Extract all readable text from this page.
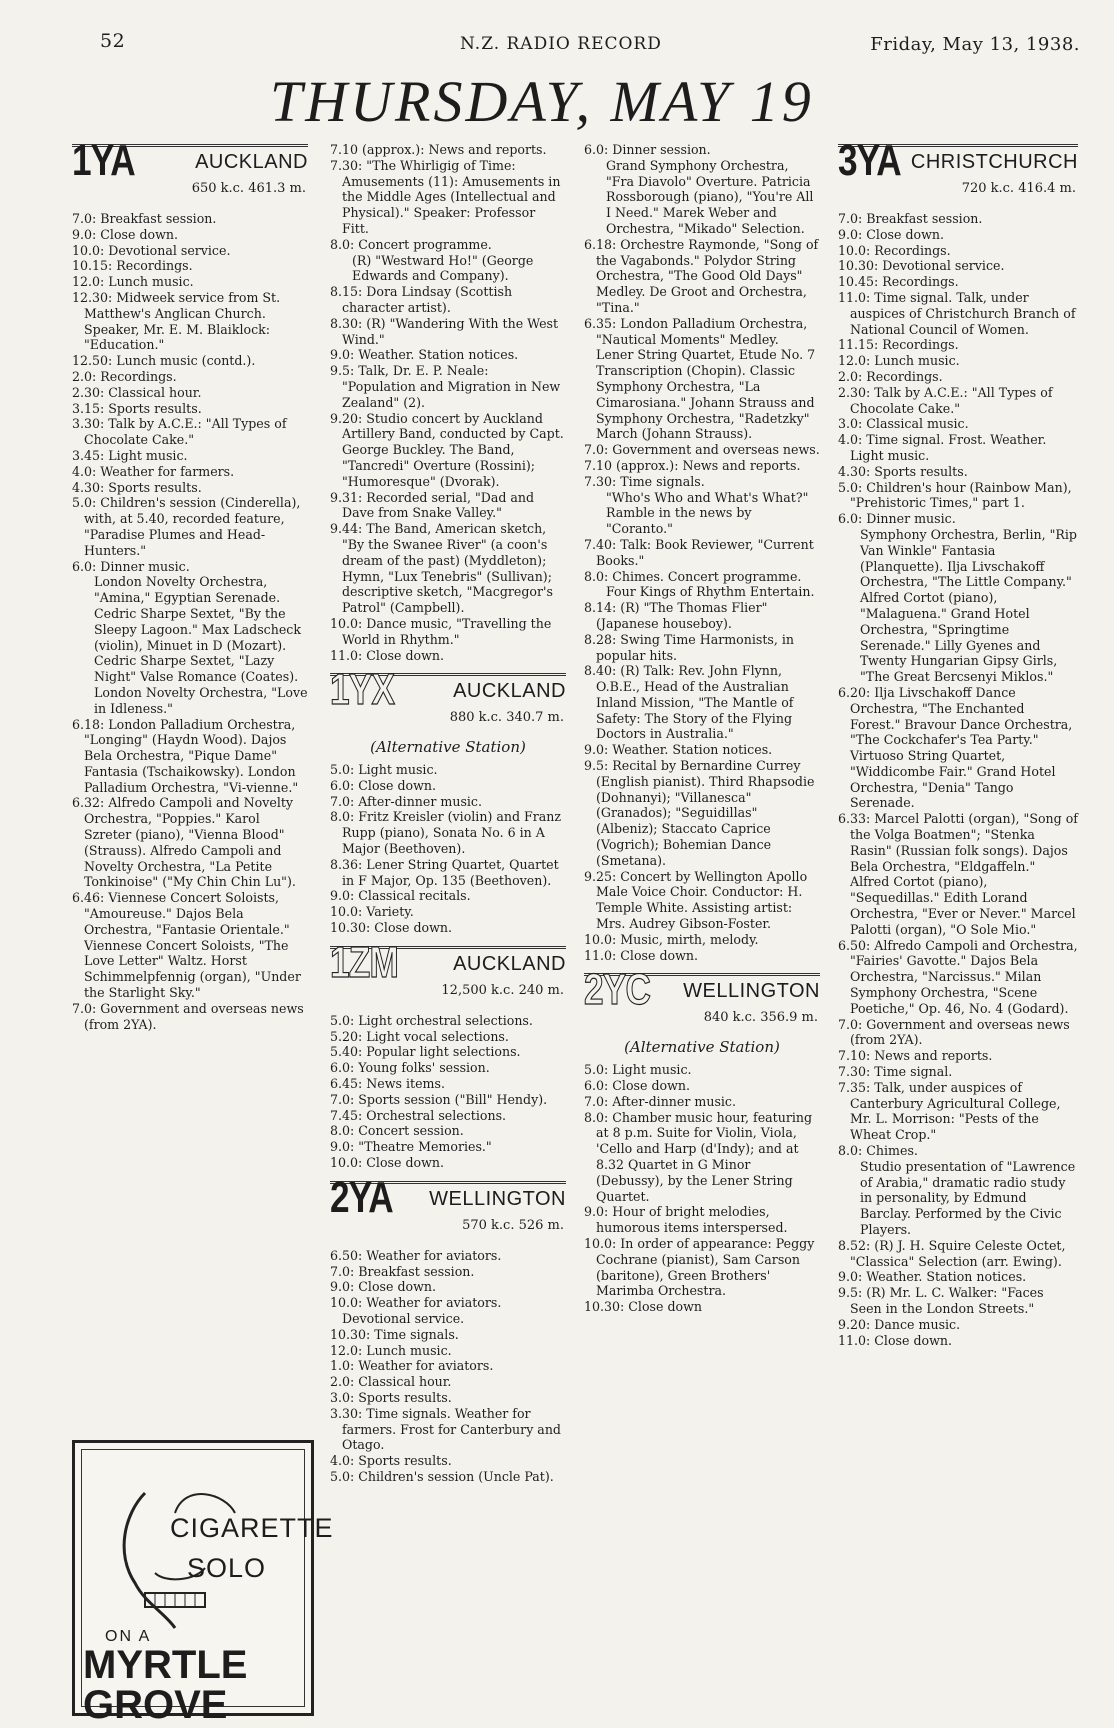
52	N.Z. RADIO RECORD	Friday, May 13, 1938.
THURSDAY, MAY 19
1YA	AUCKLAND
650 k.c. 461.3 m.

7.0: Breakfast session.

9.0: Close down.

10.0: Devotional service.

10.15: Recordings.

12.0: Lunch music.

12.30: Midweek service from St. Matthew's Anglican Church. Speaker, Mr. E. M. Blaiklock: "Education."

12.50: Lunch music (contd.).

2.0: Recordings.

2.30: Classical hour.

3.15: Sports results.

3.30: Talk by A.C.E.: "All Types of Chocolate Cake."

3.45: Light music.

4.0: Weather for farmers.

4.30: Sports results.

5.0: Children's session (Cinderella), with, at 5.40, recorded feature, "Paradise Plumes and Head-Hunters."

6.0: Dinner music.

London Novelty Orchestra, "Amina," Egyptian Serenade. Cedric Sharpe Sextet, "By the Sleepy Lagoon." Max Ladscheck (violin), Minuet in D (Mozart). Cedric Sharpe Sextet, "Lazy Night" Valse Romance (Coates). London Novelty Orchestra, "Love in Idleness."

6.18: London Palladium Orchestra, "Longing" (Haydn Wood). Dajos Bela Orchestra, "Pique Dame" Fantasia (Tschaikowsky). London Palladium Orchestra, "Vi-vienne."

6.32: Alfredo Campoli and Novelty Orchestra, "Poppies." Karol Szreter (piano), "Vienna Blood" (Strauss). Alfredo Campoli and Novelty Orchestra, "La Petite Tonkinoise" ("My Chin Chin Lu").

6.46: Viennese Concert Soloists, "Amoureuse." Dajos Bela Orchestra, "Fantasie Orientale." Viennese Concert Soloists, "The Love Letter" Waltz. Horst Schimmelpfennig (organ), "Under the Starlight Sky."

7.0: Government and overseas news (from 2YA).

CIGARETTE
SOLO
ON A
MYRTLE
GROVE

7.10 (approx.): News and reports.

7.30: "The Whirligig of Time: Amusements (11): Amusements in the Middle Ages (Intellectual and Physical)." Speaker: Professor Fitt.

8.0: Concert programme.

(R) "Westward Ho!" (George Edwards and Company).

8.15: Dora Lindsay (Scottish character artist).

8.30: (R) "Wandering With the West Wind."

9.0: Weather. Station notices.

9.5: Talk, Dr. E. P. Neale: "Population and Migration in New Zealand" (2).

9.20: Studio concert by Auckland Artillery Band, conducted by Capt. George Buckley. The Band, "Tancredi" Overture (Rossini); "Humoresque" (Dvorak).

9.31: Recorded serial, "Dad and Dave from Snake Valley."

9.44: The Band, American sketch, "By the Swanee River" (a coon's dream of the past) (Myddleton); Hymn, "Lux Tenebris" (Sullivan); descriptive sketch, "Macgregor's Patrol" (Campbell).

10.0: Dance music, "Travelling the World in Rhythm."

11.0: Close down.

1YX	AUCKLAND
880 k.c. 340.7 m.
(Alternative Station)

5.0: Light music.

6.0: Close down.

7.0: After-dinner music.

8.0: Fritz Kreisler (violin) and Franz Rupp (piano), Sonata No. 6 in A Major (Beethoven).

8.36: Lener String Quartet, Quartet in F Major, Op. 135 (Beethoven).

9.0: Classical recitals.

10.0: Variety.

10.30: Close down.

1ZM	AUCKLAND
12,500 k.c. 240 m.

5.0: Light orchestral selections.

5.20: Light vocal selections.

5.40: Popular light selections.

6.0: Young folks' session.

6.45: News items.

7.0: Sports session ("Bill" Hendy).

7.45: Orchestral selections.

8.0: Concert session.

9.0: "Theatre Memories."

10.0: Close down.

2YA WELLINGTON
570 k.c. 526 m.

6.50: Weather for aviators.

7.0: Breakfast session.

9.0: Close down.

10.0: Weather for aviators. Devotional service.

10.30: Time signals.

12.0: Lunch music.

1.0: Weather for aviators.

2.0: Classical hour.

3.0: Sports results.

3.30: Time signals. Weather for farmers. Frost for Canterbury and Otago.

4.0: Sports results.

5.0: Children's session (Uncle Pat).

6.0: Dinner session.

Grand Symphony Orchestra, "Fra Diavolo" Overture. Patricia Rossborough (piano), "You're All I Need." Marek Weber and Orchestra, "Mikado" Selection.

6.18: Orchestre Raymonde, "Song of the Vagabonds." Polydor String Orchestra, "The Good Old Days" Medley. De Groot and Orchestra, "Tina."

6.35: London Palladium Orchestra, "Nautical Moments" Medley. Lener String Quartet, Etude No. 7 Transcription (Chopin). Classic Symphony Orchestra, "La Cimarosiana." Johann Strauss and Symphony Orchestra, "Radetzky" March (Johann Strauss).

7.0: Government and overseas news.

7.10 (approx.): News and reports.

7.30: Time signals.

"Who's Who and What's What?" Ramble in the news by "Coranto."

7.40: Talk: Book Reviewer, "Current Books."

8.0: Chimes. Concert programme.

Four Kings of Rhythm Entertain.

8.14: (R) "The Thomas Flier" (Japanese houseboy).

8.28: Swing Time Harmonists, in popular hits.

8.40: (R) Talk: Rev. John Flynn, O.B.E., Head of the Australian Inland Mission, "The Mantle of Safety: The Story of the Flying Doctors in Australia."

9.0: Weather. Station notices.

9.5: Recital by Bernardine Currey (English pianist). Third Rhapsodie (Dohnanyi); "Villanesca" (Granados); "Seguidillas" (Albeniz); Staccato Caprice (Vogrich); Bohemian Dance (Smetana).

9.25: Concert by Wellington Apollo Male Voice Choir. Conductor: H. Temple White. Assisting artist: Mrs. Audrey Gibson-Foster.

10.0: Music, mirth, melody.

11.0: Close down.

2YC WELLINGTON
840 k.c. 356.9 m.
(Alternative Station)

5.0: Light music.

6.0: Close down.

7.0: After-dinner music.

8.0: Chamber music hour, featuring at 8 p.m. Suite for Violin, Viola, 'Cello and Harp (d'Indy); and at 8.32 Quartet in G Minor (Debussy), by the Lener String Quartet.

9.0: Hour of bright melodies, humorous items interspersed.

10.0: In order of appearance: Peggy Cochrane (pianist), Sam Carson (baritone), Green Brothers' Marimba Orchestra.

10.30: Close down

3YA CHRISTCHURCH
720 k.c. 416.4 m.

7.0: Breakfast session.

9.0: Close down.

10.0: Recordings.

10.30: Devotional service.

10.45: Recordings.

11.0: Time signal. Talk, under auspices of Christchurch Branch of National Council of Women.

11.15: Recordings.

12.0: Lunch music.

2.0: Recordings.

2.30: Talk by A.C.E.: "All Types of Chocolate Cake."

3.0: Classical music.

4.0: Time signal. Frost. Weather. Light music.

4.30: Sports results.

5.0: Children's hour (Rainbow Man), "Prehistoric Times," part 1.

6.0: Dinner music.

Symphony Orchestra, Berlin, "Rip Van Winkle" Fantasia (Planquette). Ilja Livschakoff Orchestra, "The Little Company." Alfred Cortot (piano), "Malaguena." Grand Hotel Orchestra, "Springtime Serenade." Lilly Gyenes and Twenty Hungarian Gipsy Girls, "The Great Bercsenyi Miklos."

6.20: Ilja Livschakoff Dance Orchestra, "The Enchanted Forest." Bravour Dance Orchestra, "The Cockchafer's Tea Party." Virtuoso String Quartet, "Widdicombe Fair." Grand Hotel Orchestra, "Denia" Tango Serenade.

6.33: Marcel Palotti (organ), "Song of the Volga Boatmen"; "Stenka Rasin" (Russian folk songs). Dajos Bela Orchestra, "Eldgaffeln." Alfred Cortot (piano), "Sequedillas." Edith Lorand Orchestra, "Ever or Never." Marcel Palotti (organ), "O Sole Mio."

6.50: Alfredo Campoli and Orchestra, "Fairies' Gavotte." Dajos Bela Orchestra, "Narcissus." Milan Symphony Orchestra, "Scene Poetiche," Op. 46, No. 4 (Godard).

7.0: Government and overseas news (from 2YA).

7.10: News and reports.

7.30: Time signal.

7.35: Talk, under auspices of Canterbury Agricultural College, Mr. L. Morrison: "Pests of the Wheat Crop."

8.0: Chimes.

Studio presentation of "Lawrence of Arabia," dramatic radio study in personality, by Edmund Barclay. Performed by the Civic Players.

8.52: (R) J. H. Squire Celeste Octet, "Classica" Selection (arr. Ewing).

9.0: Weather. Station notices.

9.5: (R) Mr. L. C. Walker: "Faces Seen in the London Streets."

9.20: Dance music.

11.0: Close down.
